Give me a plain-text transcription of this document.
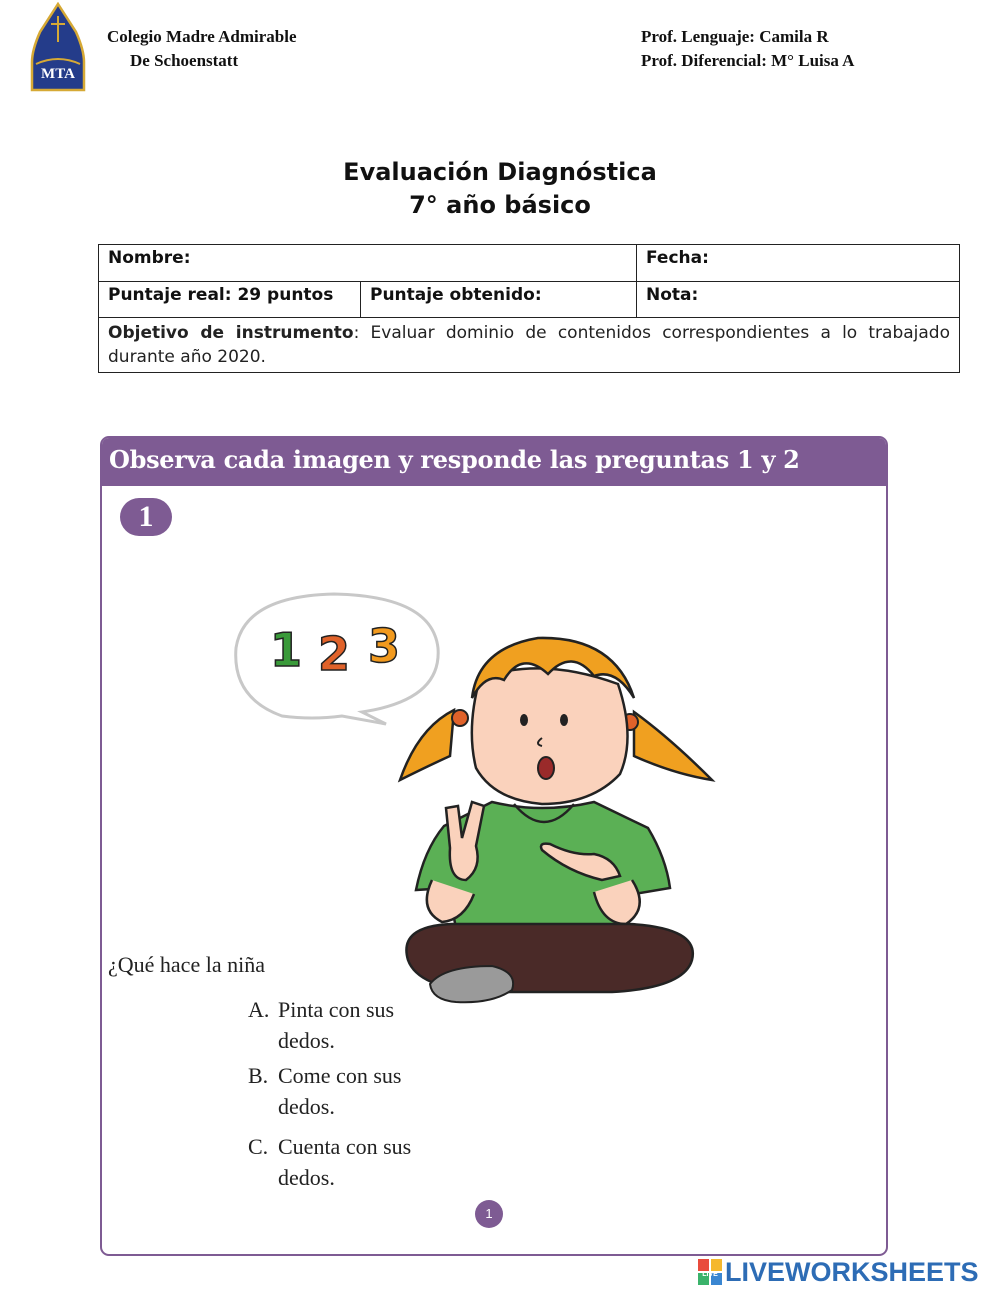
MTA
Colegio Madre Admirable
De Schoenstatt
Prof. Lenguaje: Camila R
Prof. Diferencial: M° Luisa A
Evaluación Diagnóstica
7° año básico
Nombre:		Fecha:
Puntaje real: 29 puntos	Puntaje obtenido:	Nota:
Objetivo de instrumento: Evaluar dominio de contenidos correspondientes a lo trabajado durante año 2020.		
Observa cada imagen y responde las preguntas 1 y 2
1
1 2 3
¿Qué hace la niña
A. Pinta con sus
dedos.
B. Come con sus
dedos.
C. Cuenta con sus
dedos.
1
LIVE LIVEWORKSHEETS
